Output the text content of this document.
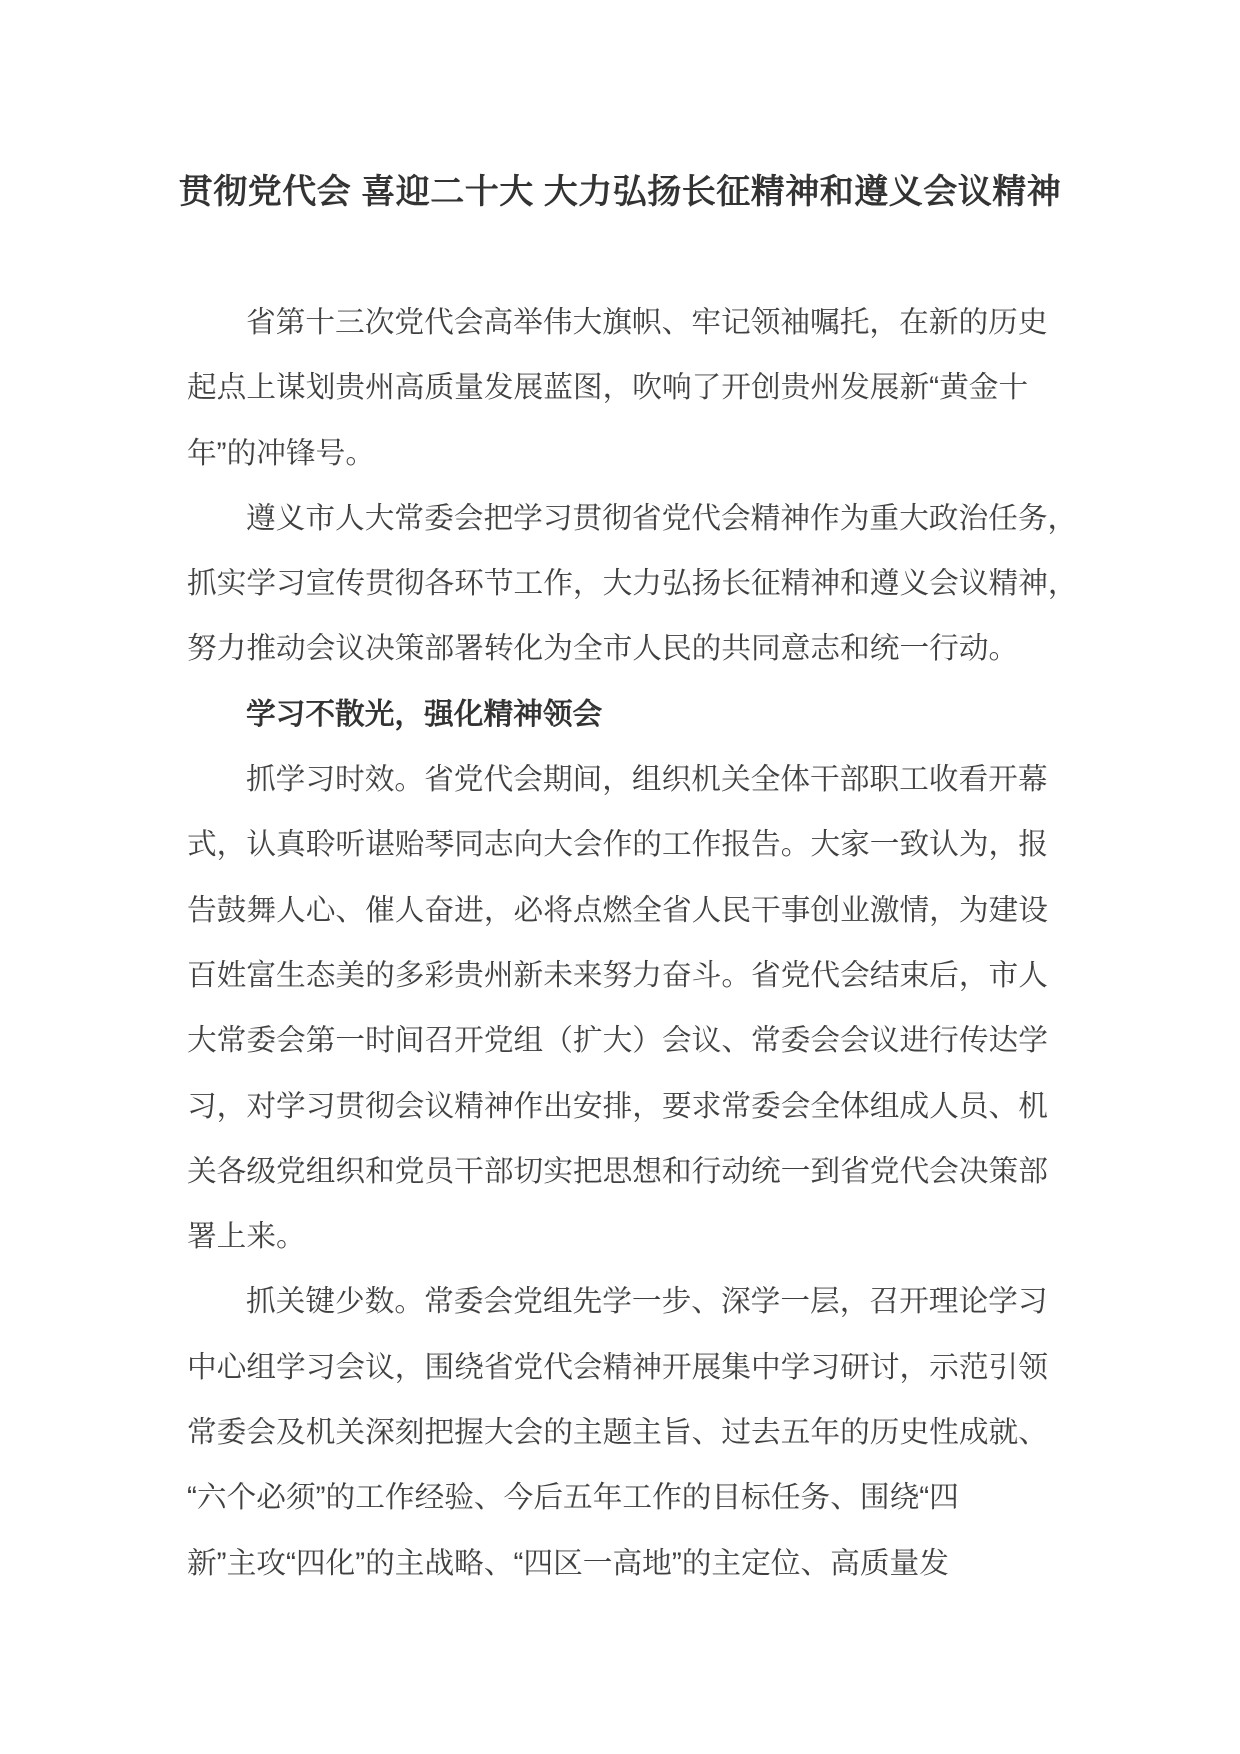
贯彻党代会 喜迎二十大 大力弘扬长征精神和遵义会议精神
省第十三次党代会高举伟大旗帜、牢记领袖嘱托，在新的历史
起点上谋划贵州高质量发展蓝图，吹响了开创贵州发展新“黄金十
年”的冲锋号。
遵义市人大常委会把学习贯彻省党代会精神作为重大政治任务，
抓实学习宣传贯彻各环节工作，大力弘扬长征精神和遵义会议精神，
努力推动会议决策部署转化为全市人民的共同意志和统一行动。
学习不散光，强化精神领会
抓学习时效。省党代会期间，组织机关全体干部职工收看开幕
式，认真聆听谌贻琴同志向大会作的工作报告。大家一致认为，报
告鼓舞人心、催人奋进，必将点燃全省人民干事创业激情，为建设
百姓富生态美的多彩贵州新未来努力奋斗。省党代会结束后，市人
大常委会第一时间召开党组（扩大）会议、常委会会议进行传达学
习，对学习贯彻会议精神作出安排，要求常委会全体组成人员、机
关各级党组织和党员干部切实把思想和行动统一到省党代会决策部
署上来。
抓关键少数。常委会党组先学一步、深学一层，召开理论学习
中心组学习会议，围绕省党代会精神开展集中学习研讨，示范引领
常委会及机关深刻把握大会的主题主旨、过去五年的历史性成就、
“六个必须”的工作经验、今后五年工作的目标任务、围绕“四
新”主攻“四化”的主战略、“四区一高地”的主定位、高质量发
